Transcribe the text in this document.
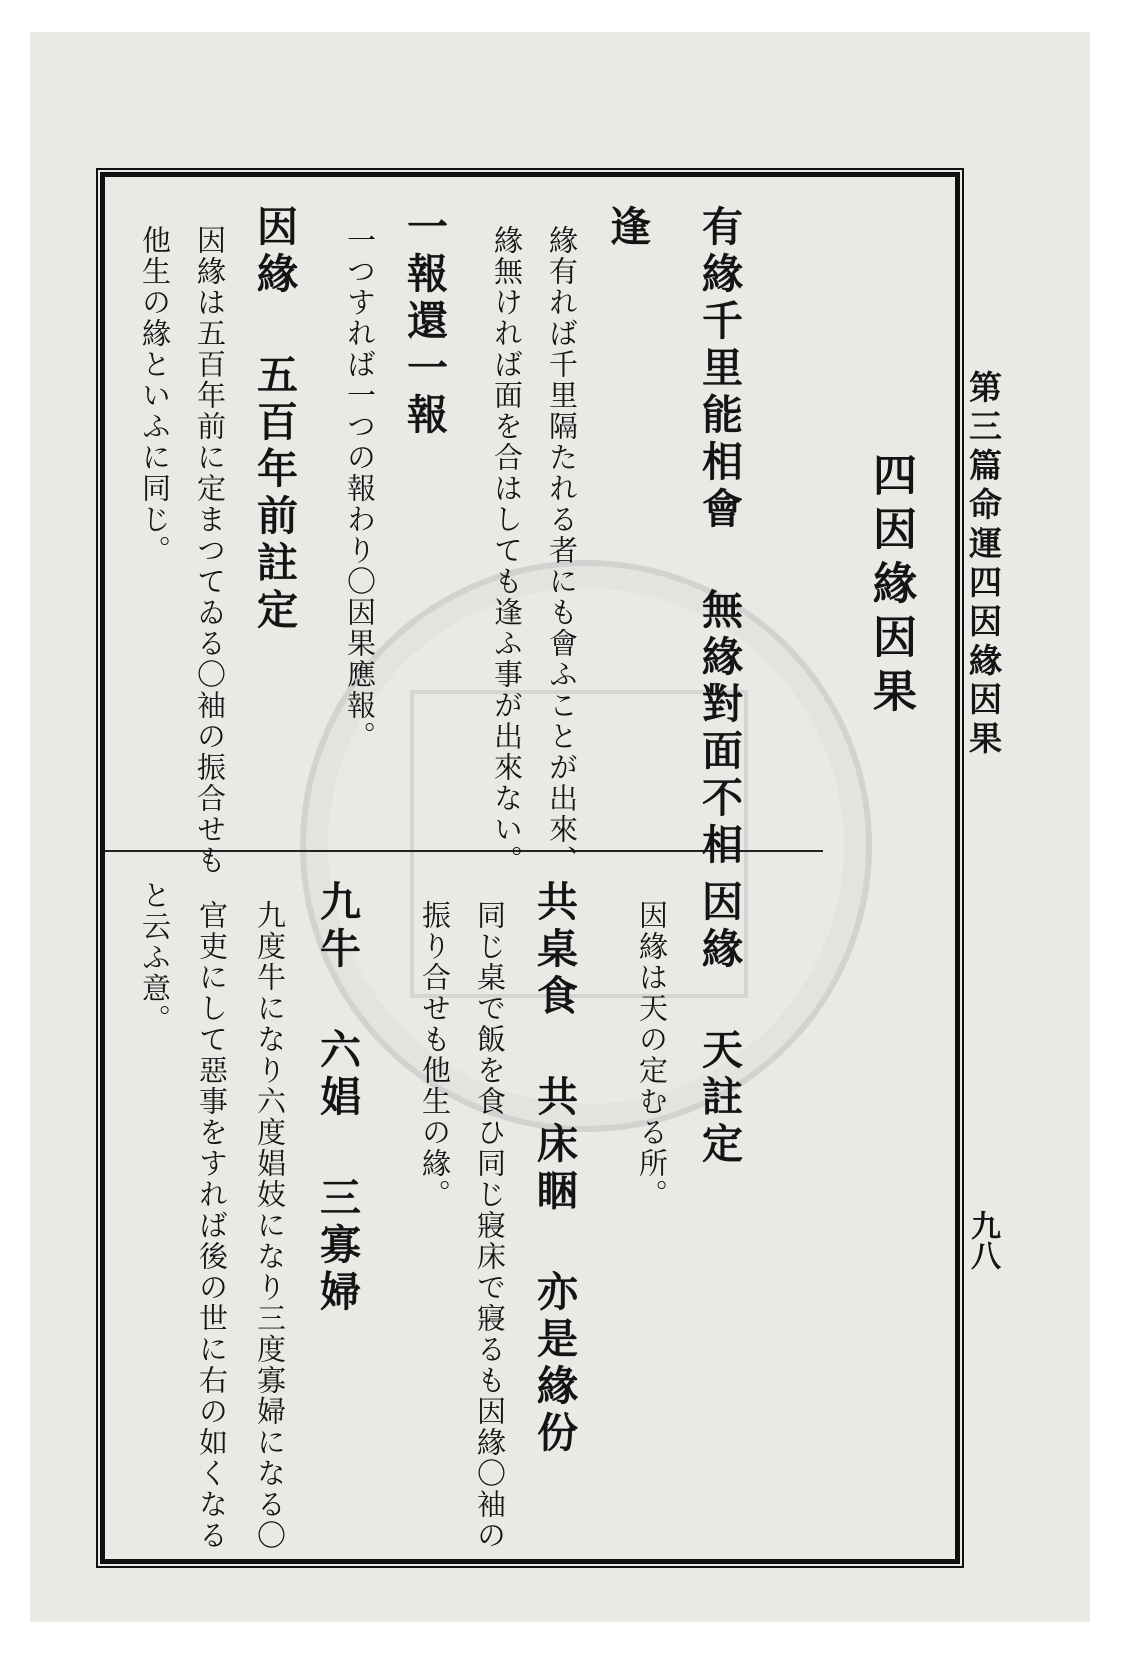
第三篇命運四因緣因果
九八
四因緣因果
有緣千里能相會 無緣對面不相
逢
緣有れば千里隔たれる者にも會ふことが出來、
緣無ければ面を合はしても逢ふ事が出來ない。
一報還一報
一つすれば一つの報わり〇因果應報。
因緣 五百年前註定
因緣は五百年前に定まつてゐる〇袖の振合せも
他生の緣といふに同じ。
因緣 天註定
因緣は天の定むる所。
共桌食 共床睏 亦是緣份
同じ桌で飯を食ひ同じ寢床で寢るも因緣〇袖の
振り合せも他生の緣。
九牛 六娼 三寡婦
九度牛になり六度娼妓になり三度寡婦になる〇
官吏にして惡事をすれば後の世に右の如くなる
と云ふ意。
